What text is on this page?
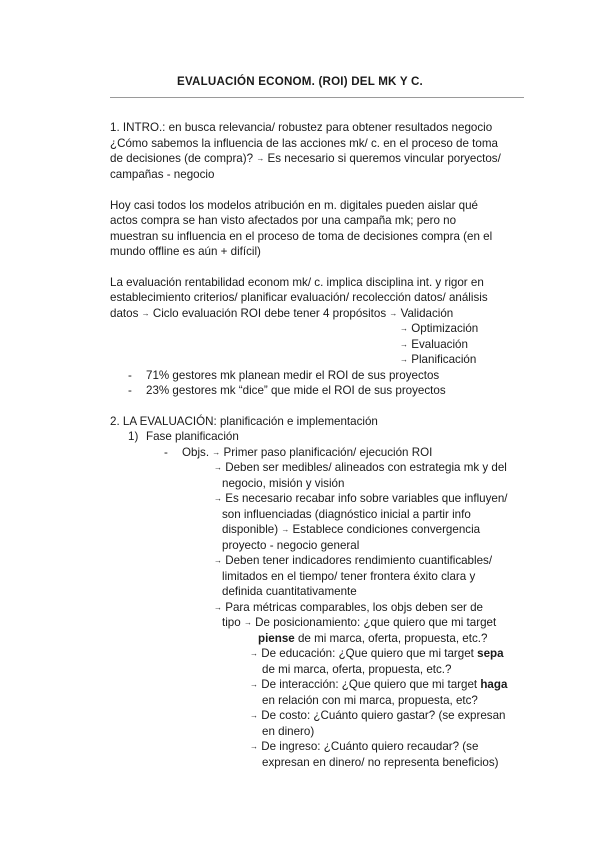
EVALUACIÓN ECONOM. (ROI) DEL MK Y C.
1. INTRO.: en busca relevancia/ robustez para obtener resultados negocio
¿Cómo sabemos la influencia de las acciones mk/ c. en el proceso de toma
de decisiones (de compra)? → Es necesario si queremos vincular poryectos/
campañas - negocio
Hoy casi todos los modelos atribución en m. digitales pueden aislar qué
actos compra se han visto afectados por una campaña mk; pero no
muestran su influencia en el proceso de toma de decisiones compra (en el
mundo offline es aún + difícil)
La evaluación rentabilidad econom mk/ c. implica disciplina int. y rigor en
establecimiento criterios/ planificar evaluación/ recolección datos/ análisis
datos → Ciclo evaluación ROI debe tener 4 propósitos → Validación
→ Optimización
→ Evaluación
→ Planificación
- 71% gestores mk planean medir el ROI de sus proyectos
- 23% gestores mk “dice” que mide el ROI de sus proyectos
2. LA EVALUACIÓN: planificación e implementación
1) Fase planificación
- Objs. → Primer paso planificación/ ejecución ROI
→ Deben ser medibles/ alineados con estrategia mk y del
negocio, misión y visión
→ Es necesario recabar info sobre variables que influyen/
son influenciadas (diagnóstico inicial a partir info
disponible) → Establece condiciones convergencia
proyecto - negocio general
→ Deben tener indicadores rendimiento cuantificables/
limitados en el tiempo/ tener frontera éxito clara y
definida cuantitativamente
→ Para métricas comparables, los objs deben ser de
tipo → De posicionamiento: ¿que quiero que mi target
piense de mi marca, oferta, propuesta, etc.?
→ De educación: ¿Que quiero que mi target sepa
de mi marca, oferta, propuesta, etc.?
→ De interacción: ¿Que quiero que mi target haga
en relación con mi marca, propuesta, etc?
→ De costo: ¿Cuánto quiero gastar? (se expresan
en dinero)
→ De ingreso: ¿Cuánto quiero recaudar? (se
expresan en dinero/ no representa beneficios)
